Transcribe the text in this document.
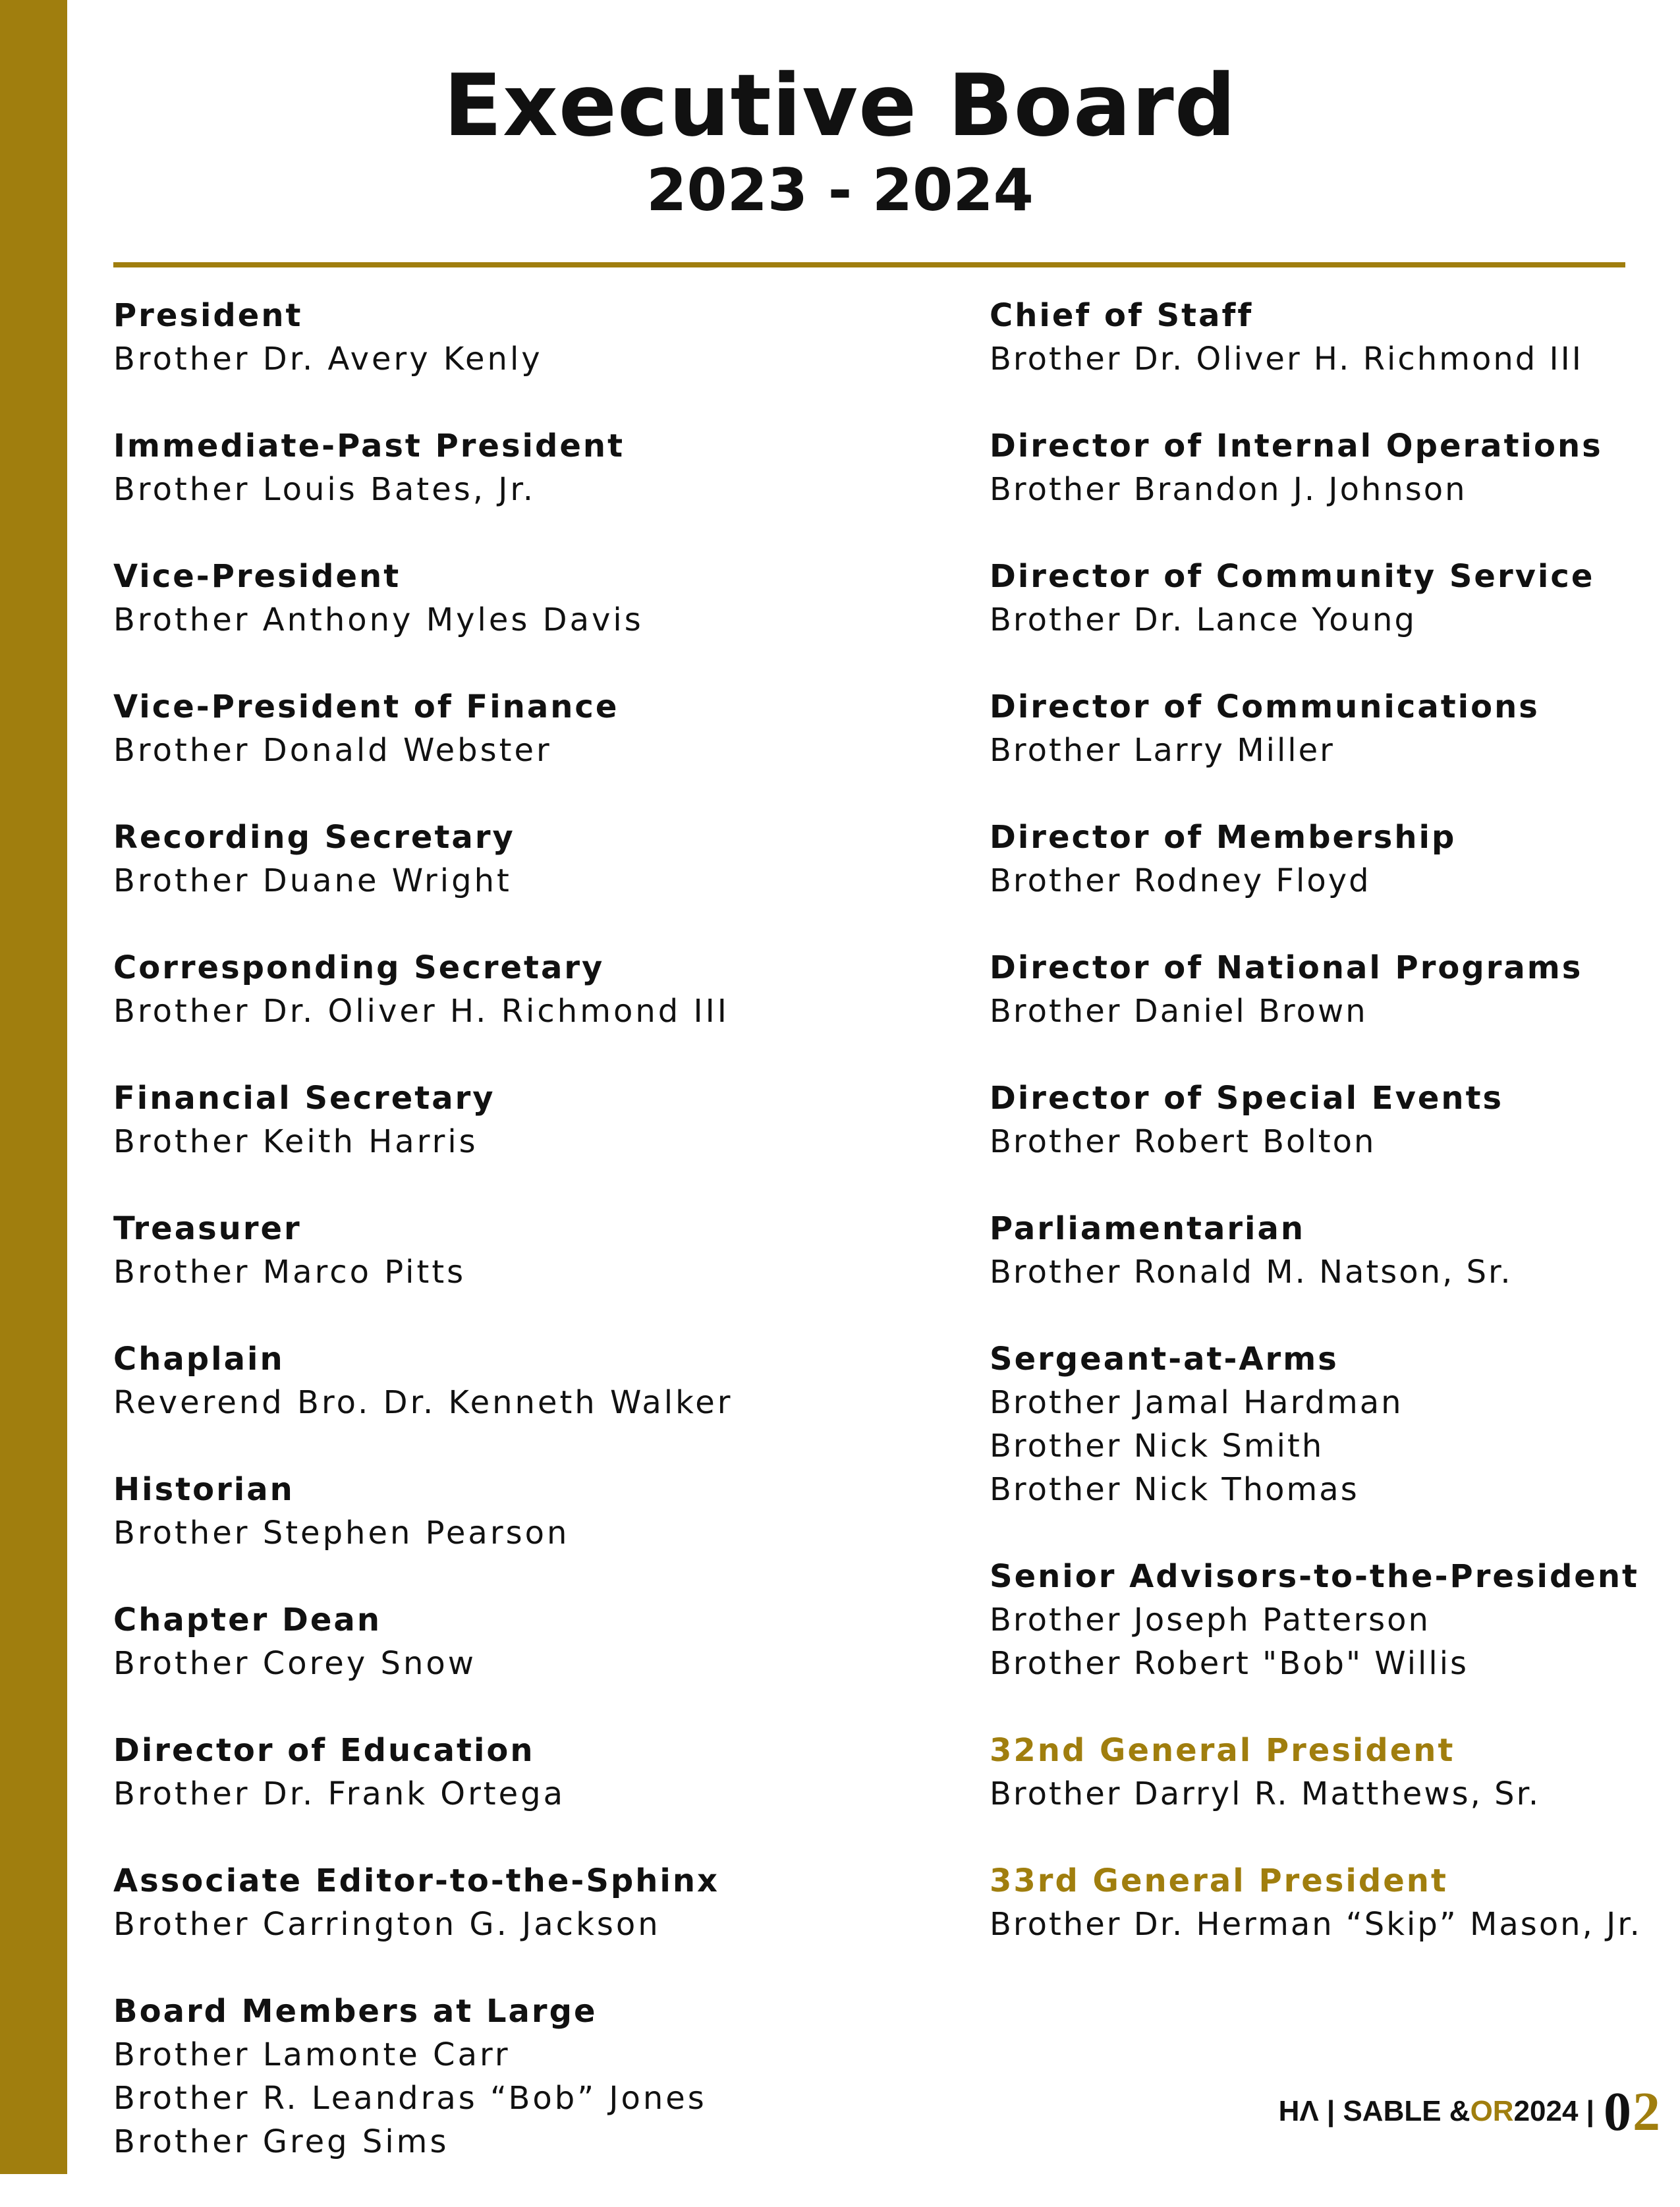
Executive Board
2023 - 2024
President
Brother Dr. Avery Kenly
Immediate-Past President
Brother Louis Bates, Jr.
Vice-President
Brother Anthony Myles Davis
Vice-President of Finance
Brother Donald Webster
Recording Secretary
Brother Duane Wright
Corresponding Secretary
Brother Dr. Oliver H. Richmond III
Financial Secretary
Brother Keith Harris
Treasurer
Brother Marco Pitts
Chaplain
Reverend Bro. Dr. Kenneth Walker
Historian
Brother Stephen Pearson
Chapter Dean
Brother Corey Snow
Director of Education
Brother Dr. Frank Ortega
Associate Editor-to-the-Sphinx
Brother Carrington G. Jackson
Board Members at Large
Brother Lamonte Carr
Brother R. Leandras “Bob” Jones
Brother Greg Sims
Chief of Staff
Brother Dr. Oliver H. Richmond III
Director of Internal Operations
Brother Brandon J. Johnson
Director of Community Service
Brother Dr. Lance Young
Director of Communications
Brother Larry Miller
Director of Membership
Brother Rodney Floyd
Director of National Programs
Brother Daniel Brown
Director of Special Events
Brother Robert Bolton
Parliamentarian
Brother Ronald M. Natson, Sr.
Sergeant-at-Arms
Brother Jamal Hardman
Brother Nick Smith
Brother Nick Thomas
Senior Advisors-to-the-President
Brother Joseph Patterson
Brother Robert "Bob" Willis
32nd General President
Brother Darryl R. Matthews, Sr.
33rd General President
Brother Dr. Herman “Skip” Mason, Jr.
HΛ | SABLE & OR 2024 | 02
